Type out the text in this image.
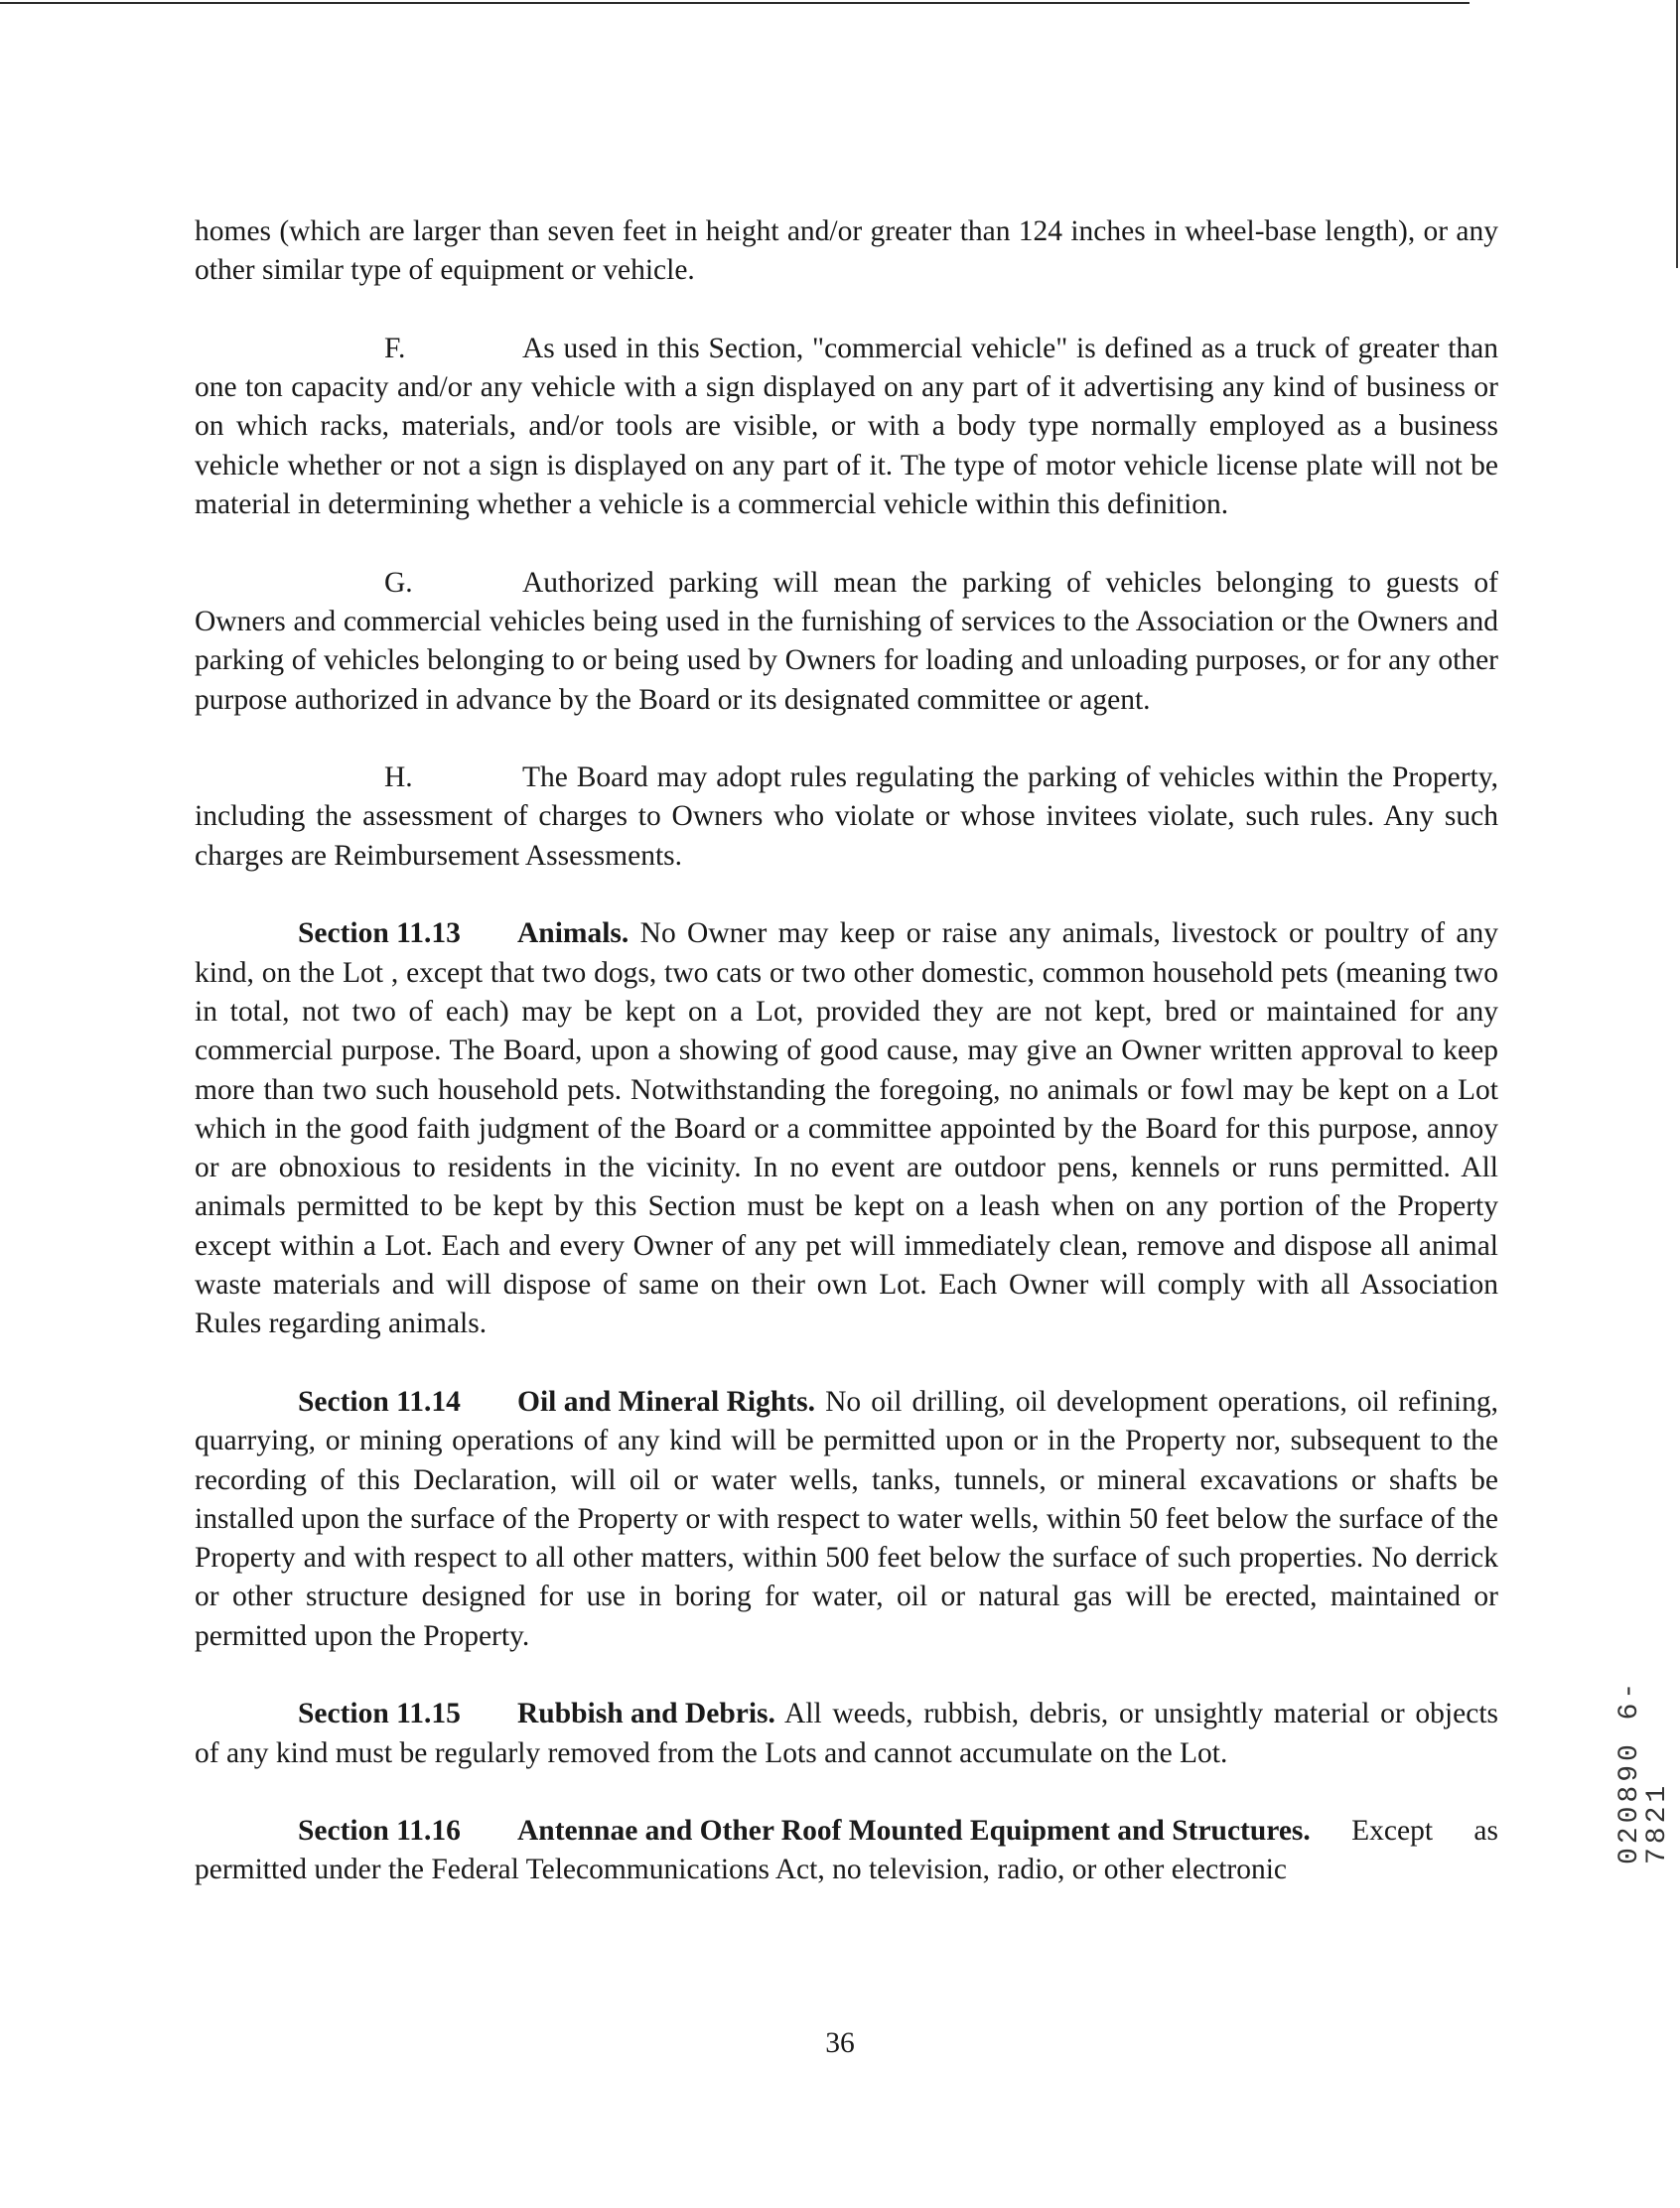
homes (which are larger than seven feet in height and/or greater than 124 inches in wheel-base length), or any other similar type of equipment or vehicle.

F.	As used in this Section, "commercial vehicle" is defined as a truck of greater than one ton capacity and/or any vehicle with a sign displayed on any part of it advertising any kind of business or on which racks, materials, and/or tools are visible, or with a body type normally employed as a business vehicle whether or not a sign is displayed on any part of it. The type of motor vehicle license plate will not be material in determining whether a vehicle is a commercial vehicle within this definition.

G.	Authorized parking will mean the parking of vehicles belonging to guests of Owners and commercial vehicles being used in the furnishing of services to the Association or the Owners and parking of vehicles belonging to or being used by Owners for loading and unloading purposes, or for any other purpose authorized in advance by the Board or its designated committee or agent.

H.	The Board may adopt rules regulating the parking of vehicles within the Property, including the assessment of charges to Owners who violate or whose invitees violate, such rules. Any such charges are Reimbursement Assessments.

Section 11.13 Animals. No Owner may keep or raise any animals, livestock or poultry of any kind, on the Lot , except that two dogs, two cats or two other domestic, common household pets (meaning two in total, not two of each) may be kept on a Lot, provided they are not kept, bred or maintained for any commercial purpose. The Board, upon a showing of good cause, may give an Owner written approval to keep more than two such household pets. Notwithstanding the foregoing, no animals or fowl may be kept on a Lot which in the good faith judgment of the Board or a committee appointed by the Board for this purpose, annoy or are obnoxious to residents in the vicinity. In no event are outdoor pens, kennels or runs permitted. All animals permitted to be kept by this Section must be kept on a leash when on any portion of the Property except within a Lot. Each and every Owner of any pet will immediately clean, remove and dispose all animal waste materials and will dispose of same on their own Lot. Each Owner will comply with all Association Rules regarding animals.

Section 11.14 Oil and Mineral Rights. No oil drilling, oil development operations, oil refining, quarrying, or mining operations of any kind will be permitted upon or in the Property nor, subsequent to the recording of this Declaration, will oil or water wells, tanks, tunnels, or mineral excavations or shafts be installed upon the surface of the Property or with respect to water wells, within 50 feet below the surface of the Property and with respect to all other matters, within 500 feet below the surface of such properties. No derrick or other structure designed for use in boring for water, oil or natural gas will be erected, maintained or permitted upon the Property.

Section 11.15 Rubbish and Debris. All weeds, rubbish, debris, or unsightly material or objects of any kind must be regularly removed from the Lots and cannot accumulate on the Lot.

Section 11.16 Antennae and Other Roof Mounted Equipment and Structures. Except as permitted under the Federal Telecommunications Act, no television, radio, or other electronic

36
020890 6-7821
